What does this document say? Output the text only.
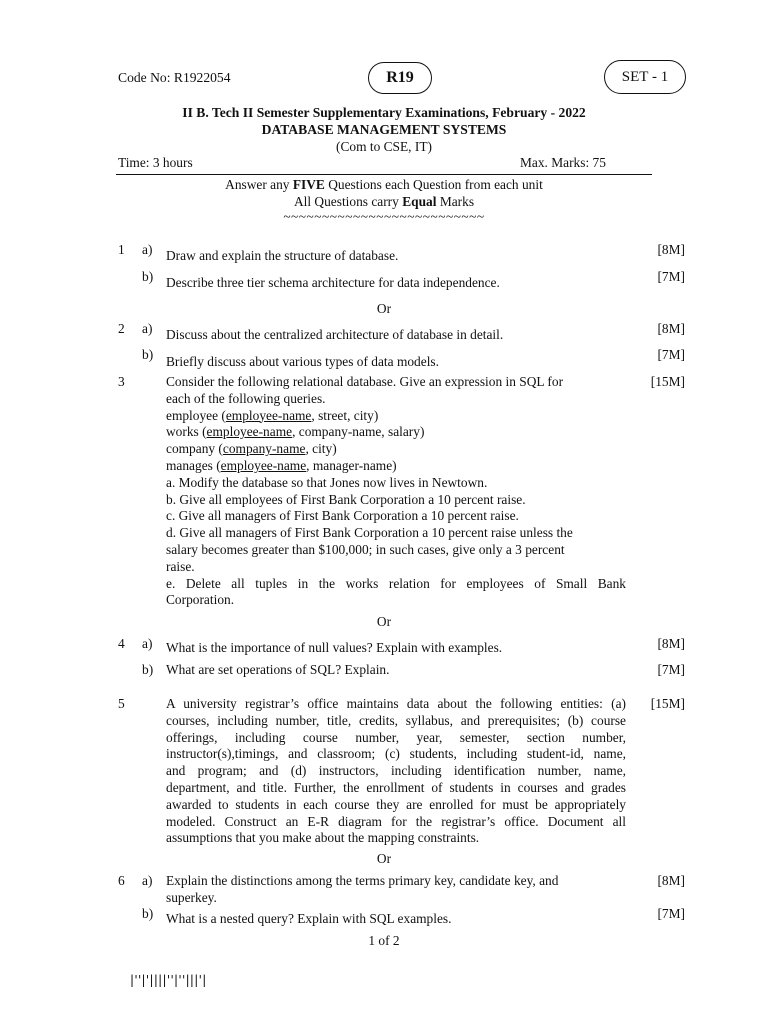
Code No: R1922054	R19	SET - 1
II B. Tech II Semester Supplementary Examinations, February - 2022
DATABASE MANAGEMENT SYSTEMS
(Com to CSE, IT)
Time: 3 hours	Max. Marks: 75
Answer any FIVE Questions each Question from each unit
All Questions carry Equal Marks
~~~~~~~~~~~~~~~~~~~~~~~~~~
1 a) Draw and explain the structure of database.	[8M]
b) Describe three tier schema architecture for data independence.	[7M]
Or
2 a) Discuss about the centralized architecture of database in detail.	[8M]
b) Briefly discuss about various types of data models.	[7M]
3	[15M]
Consider the following relational database. Give an expression in SQL for
each of the following queries.
employee (employee-name, street, city)
works (employee-name, company-name, salary)
company (company-name, city)
manages (employee-name, manager-name)
a. Modify the database so that Jones now lives in Newtown.
b. Give all employees of First Bank Corporation a 10 percent raise.
c. Give all managers of First Bank Corporation a 10 percent raise.
d. Give all managers of First Bank Corporation a 10 percent raise unless the
salary becomes greater than $100,000; in such cases, give only a 3 percent
raise.
e. Delete all tuples in the works relation for employees of Small Bank
Corporation.
Or
4 a) What is the importance of null values? Explain with examples.	[8M]
b) What are set operations of SQL? Explain.	[7M]
5	[15M]
A university registrar’s office maintains data about the following entities: (a)
courses, including number, title, credits, syllabus, and prerequisites; (b) course
offerings, including course number, year, semester, section number,
instructor(s),timings, and classroom; (c) students, including student-id, name,
and program; and (d) instructors, including identification number, name,
department, and title. Further, the enrollment of students in courses and grades
awarded to students in each course they are enrolled for must be appropriately
modeled. Construct an E-R diagram for the registrar’s office. Document all
assumptions that you make about the mapping constraints.
Or
6 a) Explain the distinctions among the terms primary key, candidate key, and
superkey.
[8M]
b) What is a nested query? Explain with SQL examples.	[7M]
1 of 2
|''|'||||''|''|||'|
